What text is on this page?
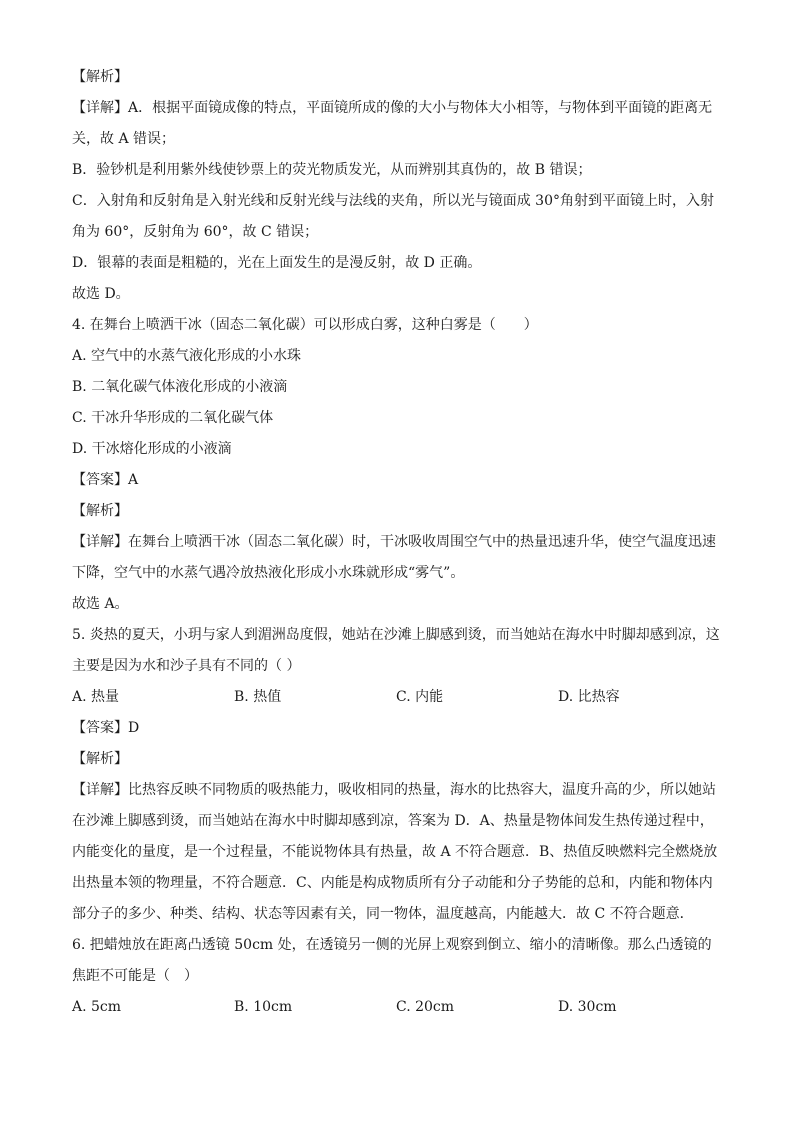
【解析】

【详解】A．根据平面镜成像的特点，平面镜所成的像的大小与物体大小相等，与物体到平面镜的距离无关，故 A 错误；

B．验钞机是利用紫外线使钞票上的荧光物质发光，从而辨别其真伪的，故 B 错误；

C．入射角和反射角是入射光线和反射光线与法线的夹角，所以光与镜面成 30°角射到平面镜上时，入射角为 60°，反射角为 60°，故 C 错误；

D．银幕的表面是粗糙的，光在上面发生的是漫反射，故 D 正确。

故选 D。

4. 在舞台上喷洒干冰（固态二氧化碳）可以形成白雾，这种白雾是（　　）

A. 空气中的水蒸气液化形成的小水珠
B. 二氧化碳气体液化形成的小液滴
C. 干冰升华形成的二氧化碳气体
D. 干冰熔化形成的小液滴

【答案】A

【解析】

【详解】在舞台上喷洒干冰（固态二氧化碳）时，干冰吸收周围空气中的热量迅速升华，使空气温度迅速下降，空气中的水蒸气遇冷放热液化形成小水珠就形成“雾气”。

故选 A。

5. 炎热的夏天，小玥与家人到湄洲岛度假，她站在沙滩上脚感到烫，而当她站在海水中时脚却感到凉，这主要是因为水和沙子具有不同的（ ）

A. 热量	B. 热值	C. 内能	D. 比热容

【答案】D

【解析】

【详解】比热容反映不同物质的吸热能力，吸收相同的热量，海水的比热容大，温度升高的少，所以她站在沙滩上脚感到烫，而当她站在海水中时脚却感到凉，答案为 D．A、热量是物体间发生热传递过程中，内能变化的量度，是一个过程量，不能说物体具有热量，故 A 不符合题意．B、热值反映燃料完全燃烧放出热量本领的物理量，不符合题意．C、内能是构成物质所有分子动能和分子势能的总和，内能和物体内部分子的多少、种类、结构、状态等因素有关，同一物体，温度越高，内能越大．故 C 不符合题意．

6. 把蜡烛放在距离凸透镜 50cm 处，在透镜另一侧的光屏上观察到倒立、缩小的清晰像。那么凸透镜的焦距不可能是（　）

A. 5cm	B. 10cm	C. 20cm	D. 30cm
